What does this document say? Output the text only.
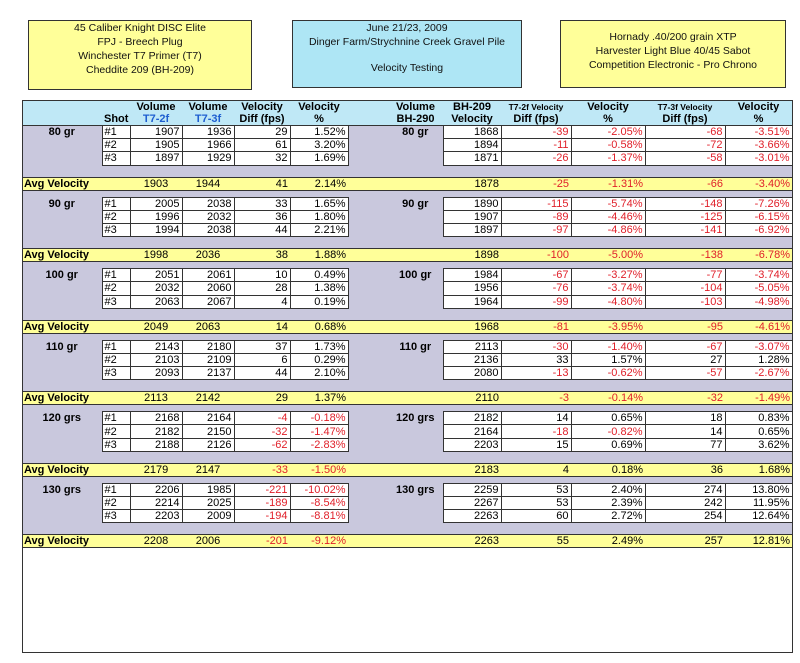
45 Caliber Knight DISC Elite
FPJ - Breech Plug
Winchester T7 Primer (T7)
Cheddite 209 (BH-209)
June 21/23, 2009
Dinger Farm/Strychnine Creek Gravel Pile
Velocity Testing
Hornady .40/200 grain XTP
Harvester Light Blue 40/45 Sabot
Competition Electronic - Pro Chrono
		Volume	Volume	Velocity	Velocity		Volume	BH-209	T7-2f Velocity	Velocity	T7-3f Velocity	Velocity
	Shot	T7-2f	T7-3f	Diff (fps)	%		BH-290	Velocity	Diff (fps)	%	Diff (fps)	%
80 gr	#1	1907	1936	29	1.52%		80 gr	1868	-39	-2.05%	-68	-3.51%
	#2	1905	1966	61	3.20%			1894	-11	-0.58%	-72	-3.66%
	#3	1897	1929	32	1.69%			1871	-26	-1.37%	-58	-3.01%

Avg Velocity		1903	1944	41	2.14%			1878	-25	-1.31%	-66	-3.40%

90 gr	#1	2005	2038	33	1.65%		90 gr	1890	-115	-5.74%	-148	-7.26%
	#2	1996	2032	36	1.80%			1907	-89	-4.46%	-125	-6.15%
	#3	1994	2038	44	2.21%			1897	-97	-4.86%	-141	-6.92%

Avg Velocity		1998	2036	38	1.88%			1898	-100	-5.00%	-138	-6.78%

100 gr	#1	2051	2061	10	0.49%		100 gr	1984	-67	-3.27%	-77	-3.74%
	#2	2032	2060	28	1.38%			1956	-76	-3.74%	-104	-5.05%
	#3	2063	2067	4	0.19%			1964	-99	-4.80%	-103	-4.98%

Avg Velocity		2049	2063	14	0.68%			1968	-81	-3.95%	-95	-4.61%

110 gr	#1	2143	2180	37	1.73%		110 gr	2113	-30	-1.40%	-67	-3.07%
	#2	2103	2109	6	0.29%			2136	33	1.57%	27	1.28%
	#3	2093	2137	44	2.10%			2080	-13	-0.62%	-57	-2.67%

Avg Velocity		2113	2142	29	1.37%			2110	-3	-0.14%	-32	-1.49%

120 grs	#1	2168	2164	-4	-0.18%		120 grs	2182	14	0.65%	18	0.83%
	#2	2182	2150	-32	-1.47%			2164	-18	-0.82%	14	0.65%
	#3	2188	2126	-62	-2.83%			2203	15	0.69%	77	3.62%

Avg Velocity		2179	2147	-33	-1.50%			2183	4	0.18%	36	1.68%

130 grs	#1	2206	1985	-221	-10.02%		130 grs	2259	53	2.40%	274	13.80%
	#2	2214	2025	-189	-8.54%			2267	53	2.39%	242	11.95%
	#3	2203	2009	-194	-8.81%			2263	60	2.72%	254	12.64%

Avg Velocity		2208	2006	-201	-9.12%			2263	55	2.49%	257	12.81%
